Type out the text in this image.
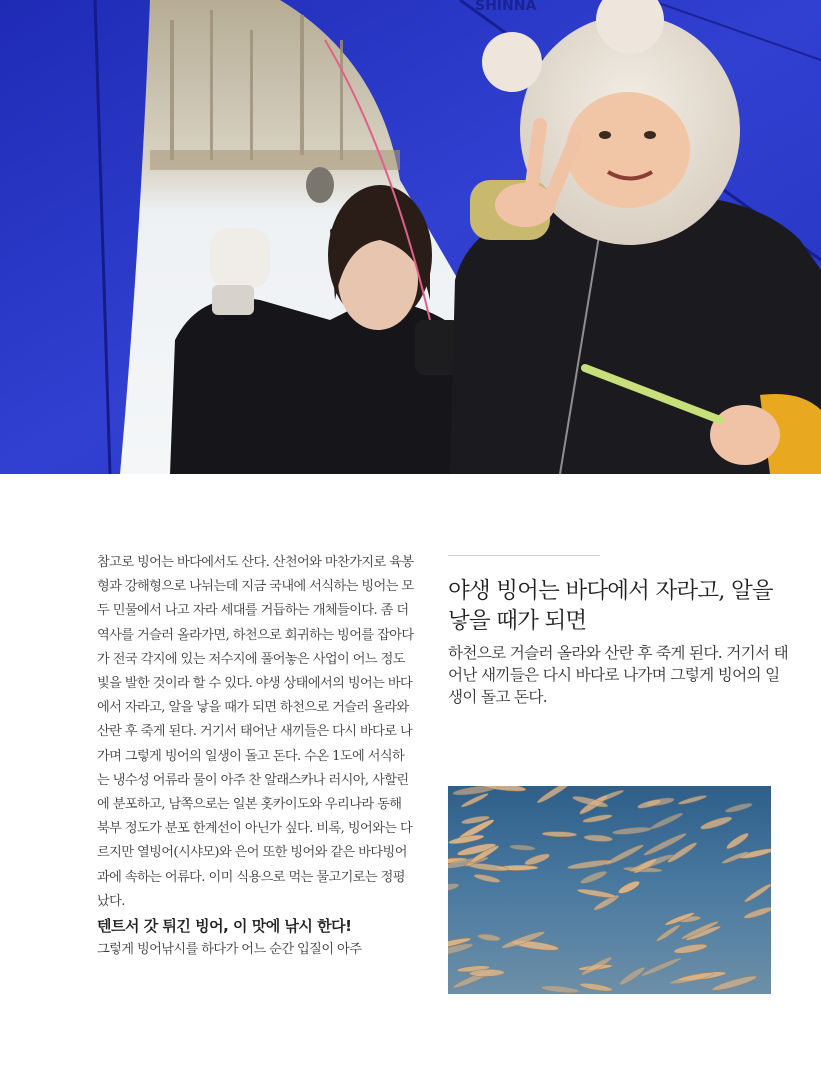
SHINNA

참고로 빙어는 바다에서도 산다. 산천어와 마찬가지로 육봉형과 강해형으로 나뉘는데 지금 국내에 서식하는 빙어는 모두 민물에서 나고 자라 세대를 거듭하는 개체들이다. 좀 더 역사를 거슬러 올라가면, 하천으로 회귀하는 빙어를 잡아다가 전국 각지에 있는 저수지에 풀어놓은 사업이 어느 정도 빛을 발한 것이라 할 수 있다. 야생 상태에서의 빙어는 바다에서 자라고, 알을 낳을 때가 되면 하천으로 거슬러 올라와 산란 후 죽게 된다. 거기서 태어난 새끼들은 다시 바다로 나가며 그렇게 빙어의 일생이 돌고 돈다. 수온 1도에 서식하는 냉수성 어류라 물이 아주 찬 알래스카나 러시아, 사할린에 분포하고, 남쪽으로는 일본 홋카이도와 우리나라 동해 북부 정도가 분포 한계선이 아닌가 싶다. 비록, 빙어와는 다르지만 열빙어(시샤모)와 은어 또한 빙어와 같은 바다빙어과에 속하는 어류다. 이미 식용으로 먹는 물고기로는 정평 났다.

텐트서 갓 튀긴 빙어, 이 맛에 낚시 한다!

그렇게 빙어낚시를 하다가 어느 순간 입질이 아주

야생 빙어는 바다에서 자라고, 알을 낳을 때가 되면
하천으로 거슬러 올라와 산란 후 죽게 된다. 거기서 태어난 새끼들은 다시 바다로 나가며 그렇게 빙어의 일생이 돌고 돈다.
